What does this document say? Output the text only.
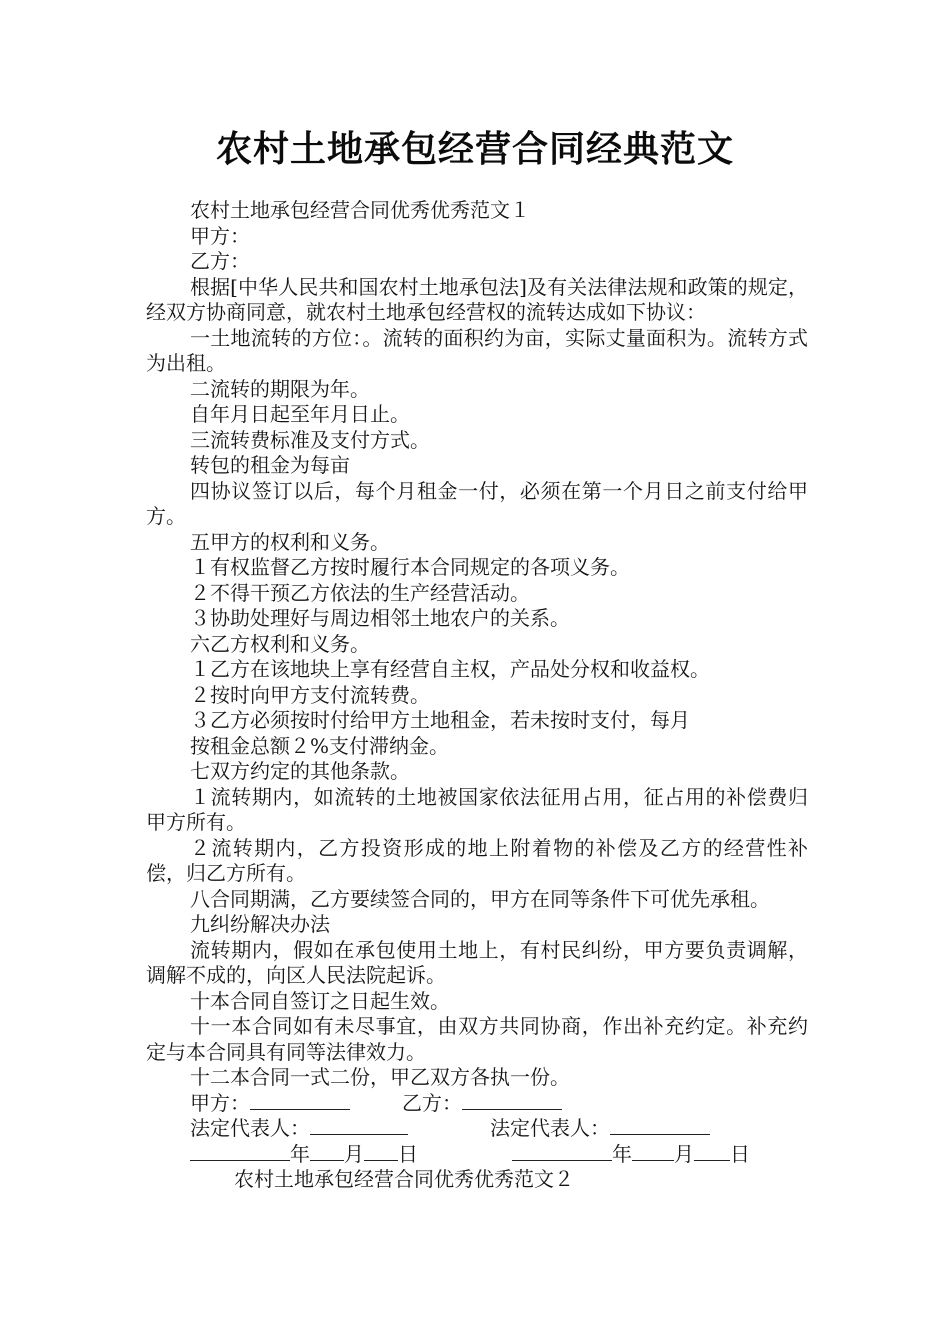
农村土地承包经营合同经典范文

农村土地承包经营合同优秀优秀范文１

甲方：

乙方：

根据[中华人民共和国农村土地承包法]及有关法律法规和政策的规定，经双方协商同意，就农村土地承包经营权的流转达成如下协议：

一土地流转的方位：。流转的面积约为亩，实际丈量面积为。流转方式为出租。

二流转的期限为年。

自年月日起至年月日止。

三流转费标准及支付方式。

转包的租金为每亩

四协议签订以后，每个月租金一付，必须在第一个月日之前支付给甲方。

五甲方的权利和义务。

１有权监督乙方按时履行本合同规定的各项义务。

２不得干预乙方依法的生产经营活动。

３协助处理好与周边相邻土地农户的关系。

六乙方权利和义务。

１乙方在该地块上享有经营自主权，产品处分权和收益权。

２按时向甲方支付流转费。

３乙方必须按时付给甲方土地租金，若未按时支付，每月

按租金总额２%支付滞纳金。

七双方约定的其他条款。

１流转期内，如流转的土地被国家依法征用占用，征占用的补偿费归甲方所有。

２流转期内，乙方投资形成的地上附着物的补偿及乙方的经营性补偿，归乙方所有。

八合同期满，乙方要续签合同的，甲方在同等条件下可优先承租。

九纠纷解决办法

流转期内，假如在承包使用土地上，有村民纠纷，甲方要负责调解，调解不成的，向区人民法院起诉。

十本合同自签订之日起生效。

十一本合同如有未尽事宜，由双方共同协商，作出补充约定。补充约定与本合同具有同等法律效力。

十二本合同一式二份，甲乙双方各执一份。

甲方：	乙方：
法定代表人：	法定代表人：
年 月 日	年 月 日

农村土地承包经营合同优秀优秀范文２
